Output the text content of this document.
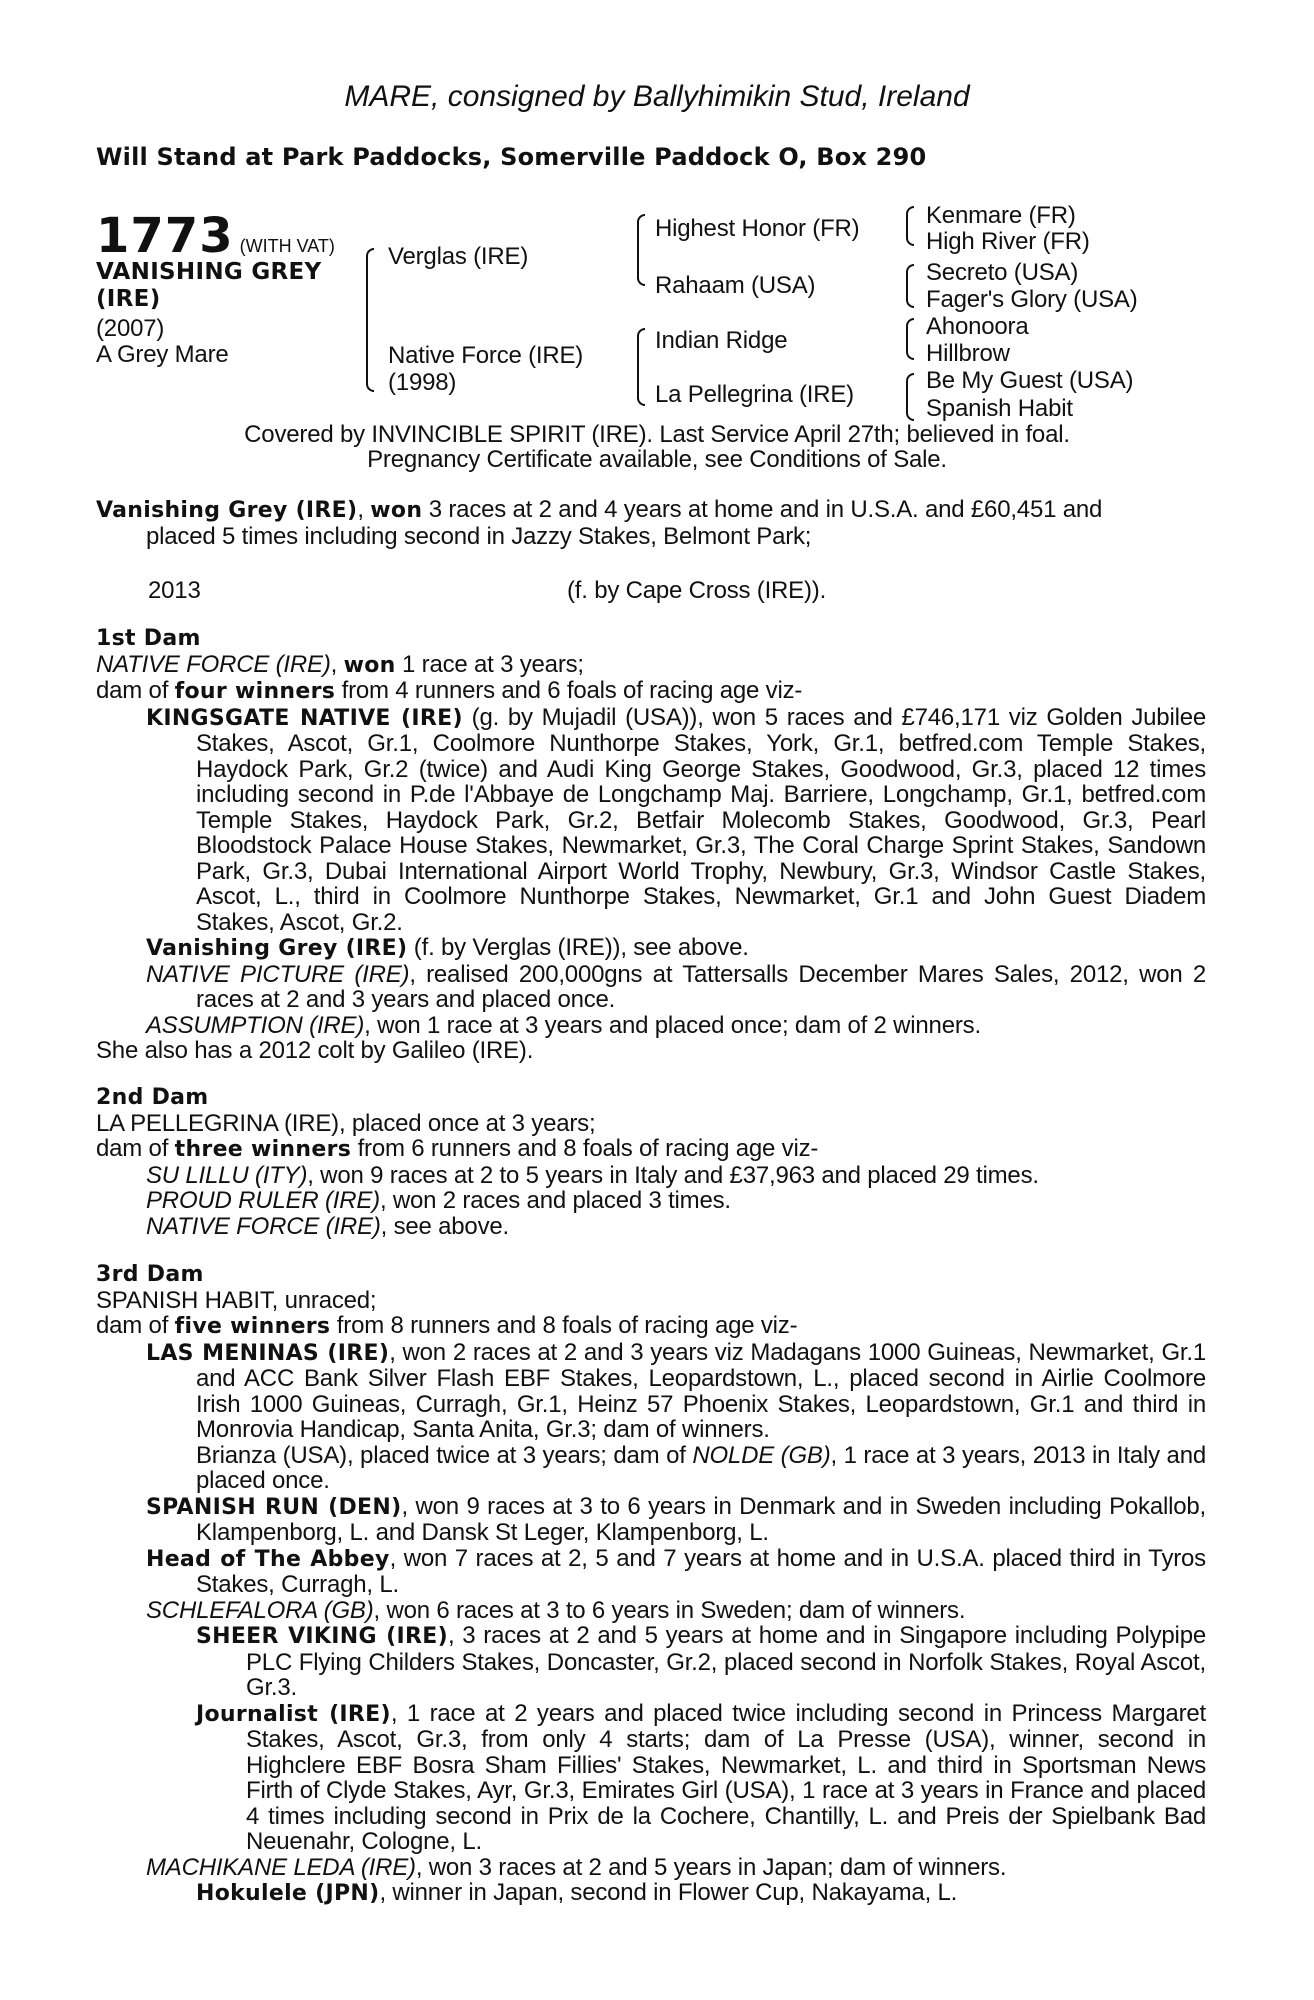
MARE, consigned by Ballyhimikin Stud, Ireland
Will Stand at Park Paddocks, Somerville Paddock O, Box 290
1773 (WITH VAT)
VANISHING GREY
(IRE)
(2007)
A Grey Mare
Verglas (IRE)
Native Force (IRE)
(1998)
Highest Honor (FR)
Rahaam (USA)
Indian Ridge
La Pellegrina (IRE)
Kenmare (FR)
High River (FR)
Secreto (USA)
Fager's Glory (USA)
Ahonoora
Hillbrow
Be My Guest (USA)
Spanish Habit
Covered by INVINCIBLE SPIRIT (IRE). Last Service April 27th; believed in foal.
Pregnancy Certificate available, see Conditions of Sale.
Vanishing Grey (IRE), won 3 races at 2 and 4 years at home and in U.S.A. and £60,451 and
placed 5 times including second in Jazzy Stakes, Belmont Park;
2013	(f. by Cape Cross (IRE)).
1st Dam
NATIVE FORCE (IRE), won 1 race at 3 years;
dam of four winners from 4 runners and 6 foals of racing age viz-
KINGSGATE NATIVE (IRE) (g. by Mujadil (USA)), won 5 races and £746,171 viz Golden Jubilee Stakes, Ascot, Gr.1, Coolmore Nunthorpe Stakes, York, Gr.1, betfred.com Temple Stakes, Haydock Park, Gr.2 (twice) and Audi King George Stakes, Goodwood, Gr.3, placed 12 times including second in P.de l'Abbaye de Longchamp Maj. Barriere, Longchamp, Gr.1, betfred.com Temple Stakes, Haydock Park, Gr.2, Betfair Molecomb Stakes, Goodwood, Gr.3, Pearl Bloodstock Palace House Stakes, Newmarket, Gr.3, The Coral Charge Sprint Stakes, Sandown Park, Gr.3, Dubai International Airport World Trophy, Newbury, Gr.3, Windsor Castle Stakes, Ascot, L., third in Coolmore Nunthorpe Stakes, Newmarket, Gr.1 and John Guest Diadem Stakes, Ascot, Gr.2.
Vanishing Grey (IRE) (f. by Verglas (IRE)), see above.
NATIVE PICTURE (IRE), realised 200,000gns at Tattersalls December Mares Sales, 2012, won 2 races at 2 and 3 years and placed once.
ASSUMPTION (IRE), won 1 race at 3 years and placed once; dam of 2 winners.
She also has a 2012 colt by Galileo (IRE).
2nd Dam
LA PELLEGRINA (IRE), placed once at 3 years;
dam of three winners from 6 runners and 8 foals of racing age viz-
SU LILLU (ITY), won 9 races at 2 to 5 years in Italy and £37,963 and placed 29 times.
PROUD RULER (IRE), won 2 races and placed 3 times.
NATIVE FORCE (IRE), see above.
3rd Dam
SPANISH HABIT, unraced;
dam of five winners from 8 runners and 8 foals of racing age viz-
LAS MENINAS (IRE), won 2 races at 2 and 3 years viz Madagans 1000 Guineas, Newmarket, Gr.1 and ACC Bank Silver Flash EBF Stakes, Leopardstown, L., placed second in Airlie Coolmore Irish 1000 Guineas, Curragh, Gr.1, Heinz 57 Phoenix Stakes, Leopardstown, Gr.1 and third in Monrovia Handicap, Santa Anita, Gr.3; dam of winners.
Brianza (USA), placed twice at 3 years; dam of NOLDE (GB), 1 race at 3 years, 2013 in Italy and placed once.
SPANISH RUN (DEN), won 9 races at 3 to 6 years in Denmark and in Sweden including Pokallob, Klampenborg, L. and Dansk St Leger, Klampenborg, L.
Head of The Abbey, won 7 races at 2, 5 and 7 years at home and in U.S.A. placed third in Tyros Stakes, Curragh, L.
SCHLEFALORA (GB), won 6 races at 3 to 6 years in Sweden; dam of winners.
SHEER VIKING (IRE), 3 races at 2 and 5 years at home and in Singapore including Polypipe PLC Flying Childers Stakes, Doncaster, Gr.2, placed second in Norfolk Stakes, Royal Ascot, Gr.3.
Journalist (IRE), 1 race at 2 years and placed twice including second in Princess Margaret Stakes, Ascot, Gr.3, from only 4 starts; dam of La Presse (USA), winner, second in Highclere EBF Bosra Sham Fillies' Stakes, Newmarket, L. and third in Sportsman News Firth of Clyde Stakes, Ayr, Gr.3, Emirates Girl (USA), 1 race at 3 years in France and placed 4 times including second in Prix de la Cochere, Chantilly, L. and Preis der Spielbank Bad Neuenahr, Cologne, L.
MACHIKANE LEDA (IRE), won 3 races at 2 and 5 years in Japan; dam of winners.
Hokulele (JPN), winner in Japan, second in Flower Cup, Nakayama, L.
